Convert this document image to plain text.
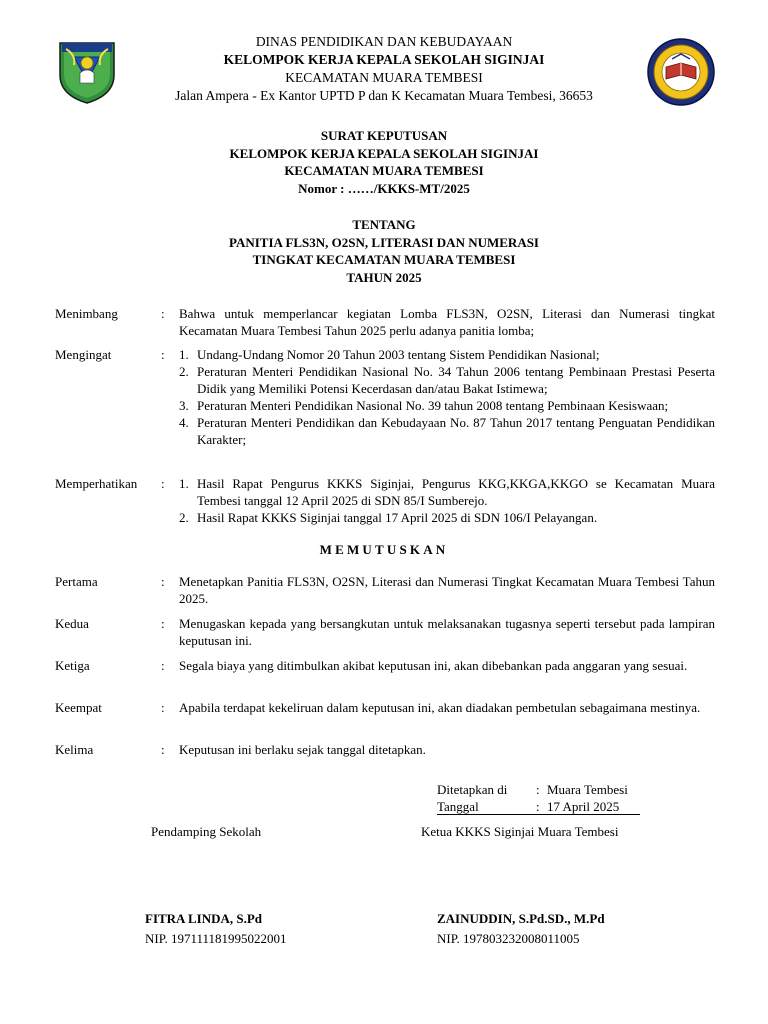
DINAS PENDIDIKAN DAN KEBUDAYAAN
KELOMPOK KERJA KEPALA SEKOLAH SIGINJAI
KECAMATAN MUARA TEMBESI
Jalan Ampera - Ex Kantor UPTD P dan K Kecamatan Muara Tembesi, 36653
SURAT KEPUTUSAN
KELOMPOK KERJA KEPALA SEKOLAH SIGINJAI
KECAMATAN MUARA TEMBESI
Nomor : ……/KKKS-MT/2025
TENTANG
PANITIA FLS3N, O2SN, LITERASI DAN NUMERASI
TINGKAT KECAMATAN MUARA TEMBESI
TAHUN 2025
Menimbang	:	Bahwa untuk memperlancar kegiatan Lomba FLS3N, O2SN, Literasi dan Numerasi tingkat Kecamatan Muara Tembesi Tahun 2025 perlu adanya panitia lomba;
Mengingat	:	1. Undang-Undang Nomor 20 Tahun 2003 tentang Sistem Pendidikan Nasional;
2. Peraturan Menteri Pendidikan Nasional No. 34 Tahun 2006 tentang Pembinaan Prestasi Peserta Didik yang Memiliki Potensi Kecerdasan dan/atau Bakat Istimewa;
3. Peraturan Menteri Pendidikan Nasional No. 39 tahun 2008 tentang Pembinaan Kesiswaan;
4. Peraturan Menteri Pendidikan dan Kebudayaan No. 87 Tahun 2017 tentang Penguatan Pendidikan Karakter;
Memperhatikan	:	1. Hasil Rapat Pengurus KKKS Siginjai, Pengurus KKG,KKGA,KKGO se Kecamatan Muara Tembesi tanggal 12 April 2025 di SDN 85/I Sumberejo.
2. Hasil Rapat KKKS Siginjai tanggal 17 April 2025 di SDN 106/I Pelayangan.
MEMUTUSKAN
Pertama	:	Menetapkan Panitia FLS3N, O2SN, Literasi dan Numerasi Tingkat Kecamatan Muara Tembesi Tahun 2025.
Kedua	:	Menugaskan kepada yang bersangkutan untuk melaksanakan tugasnya seperti tersebut pada lampiran keputusan ini.
Ketiga	:	Segala biaya yang ditimbulkan akibat keputusan ini, akan dibebankan pada anggaran yang sesuai.
Keempat	:	Apabila terdapat kekeliruan dalam keputusan ini, akan diadakan pembetulan sebagaimana mestinya.
Kelima	:	Keputusan ini berlaku sejak tanggal ditetapkan.
Ditetapkan di : Muara Tembesi
Tanggal	: 17 April 2025
Pendamping Sekolah	Ketua KKKS Siginjai Muara Tembesi
FITRA LINDA, S.Pd
NIP. 197111181995022001
ZAINUDDIN, S.Pd.SD., M.Pd
NIP. 197803232008011005
